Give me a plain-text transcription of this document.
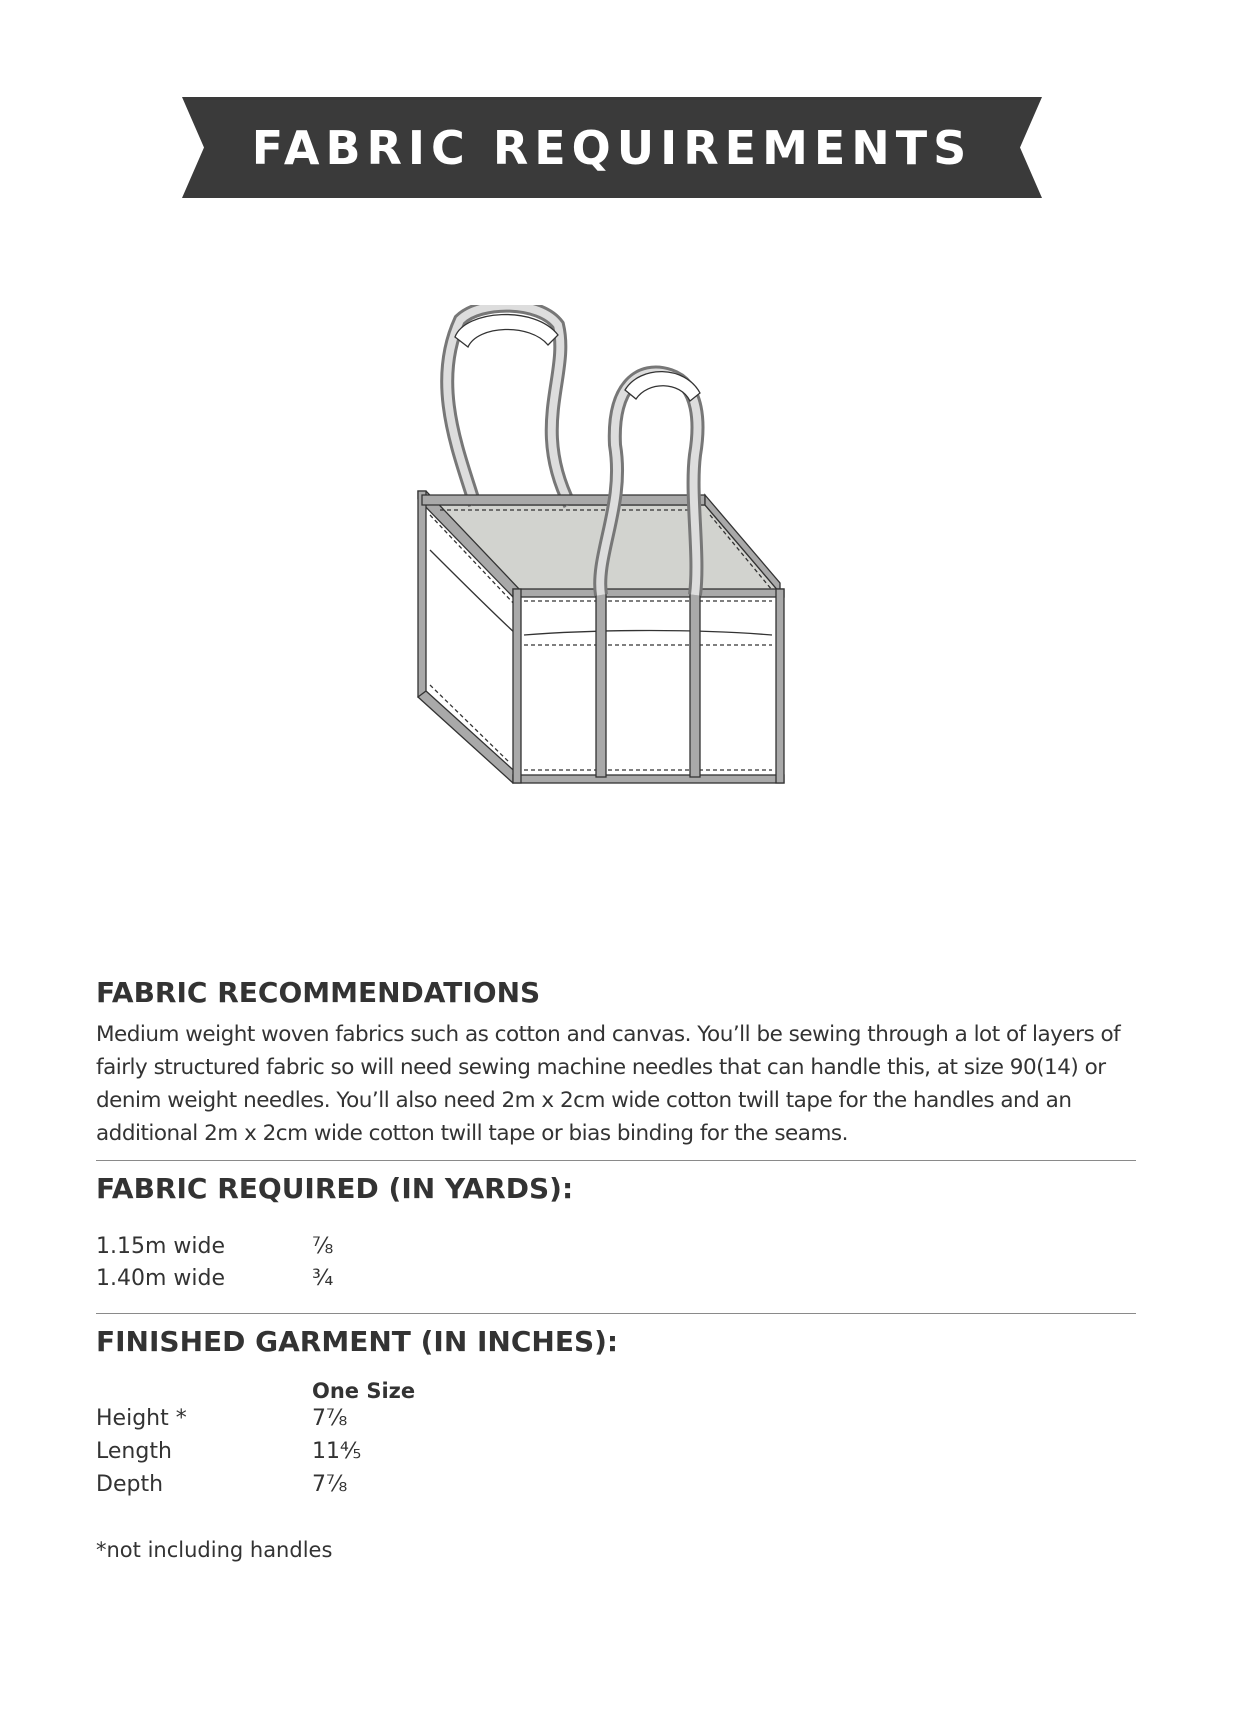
FABRIC REQUIREMENTS
FABRIC RECOMMENDATIONS

Medium weight woven fabrics such as cotton and canvas. You’ll be sewing through a lot of layers of fairly structured fabric so will need sewing machine needles that can handle this, at size 90(14) or denim weight needles. You’ll also need 2m x 2cm wide cotton twill tape for the handles and an additional 2m x 2cm wide cotton twill tape or bias binding for the seams.

FABRIC REQUIRED (IN YARDS):
1.15m wide	⅞
1.40m wide	¾
FINISHED GARMENT (IN INCHES):
One Size
Height *	7⅞
Length	11⅘
Depth	7⅞
*not including handles
